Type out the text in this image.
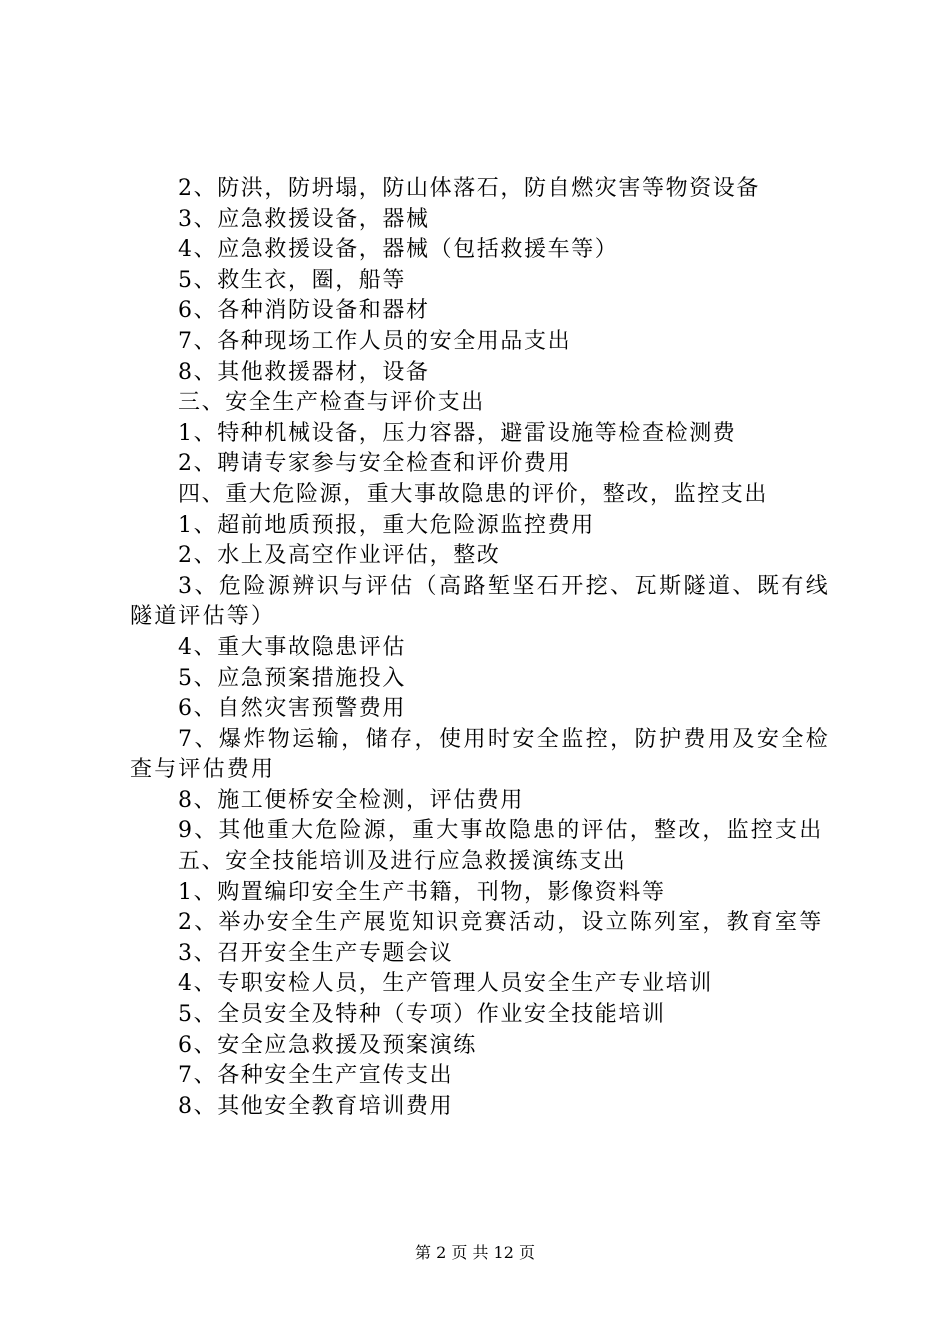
2、防洪，防坍塌，防山体落石，防自燃灾害等物资设备
3、应急救援设备，器械
4、应急救援设备，器械（包括救援车等）
5、救生衣，圈，船等
6、各种消防设备和器材
7、各种现场工作人员的安全用品支出
8、其他救援器材，设备
三、安全生产检查与评价支出
1、特种机械设备，压力容器，避雷设施等检查检测费
2、聘请专家参与安全检查和评价费用
四、重大危险源，重大事故隐患的评价，整改，监控支出
1、超前地质预报，重大危险源监控费用
2、水上及高空作业评估，整改
3、危险源辨识与评估（高路堑坚石开挖、瓦斯隧道、既有线隧道评估等）
4、重大事故隐患评估
5、应急预案措施投入
6、自然灾害预警费用
7、爆炸物运输，储存，使用时安全监控，防护费用及安全检查与评估费用
8、施工便桥安全检测，评估费用
9、其他重大危险源，重大事故隐患的评估，整改，监控支出
五、安全技能培训及进行应急救援演练支出
1、购置编印安全生产书籍，刊物，影像资料等
2、举办安全生产展览知识竞赛活动，设立陈列室，教育室等
3、召开安全生产专题会议
4、专职安检人员，生产管理人员安全生产专业培训
5、全员安全及特种（专项）作业安全技能培训
6、安全应急救援及预案演练
7、各种安全生产宣传支出
8、其他安全教育培训费用
第 2 页 共 12 页
